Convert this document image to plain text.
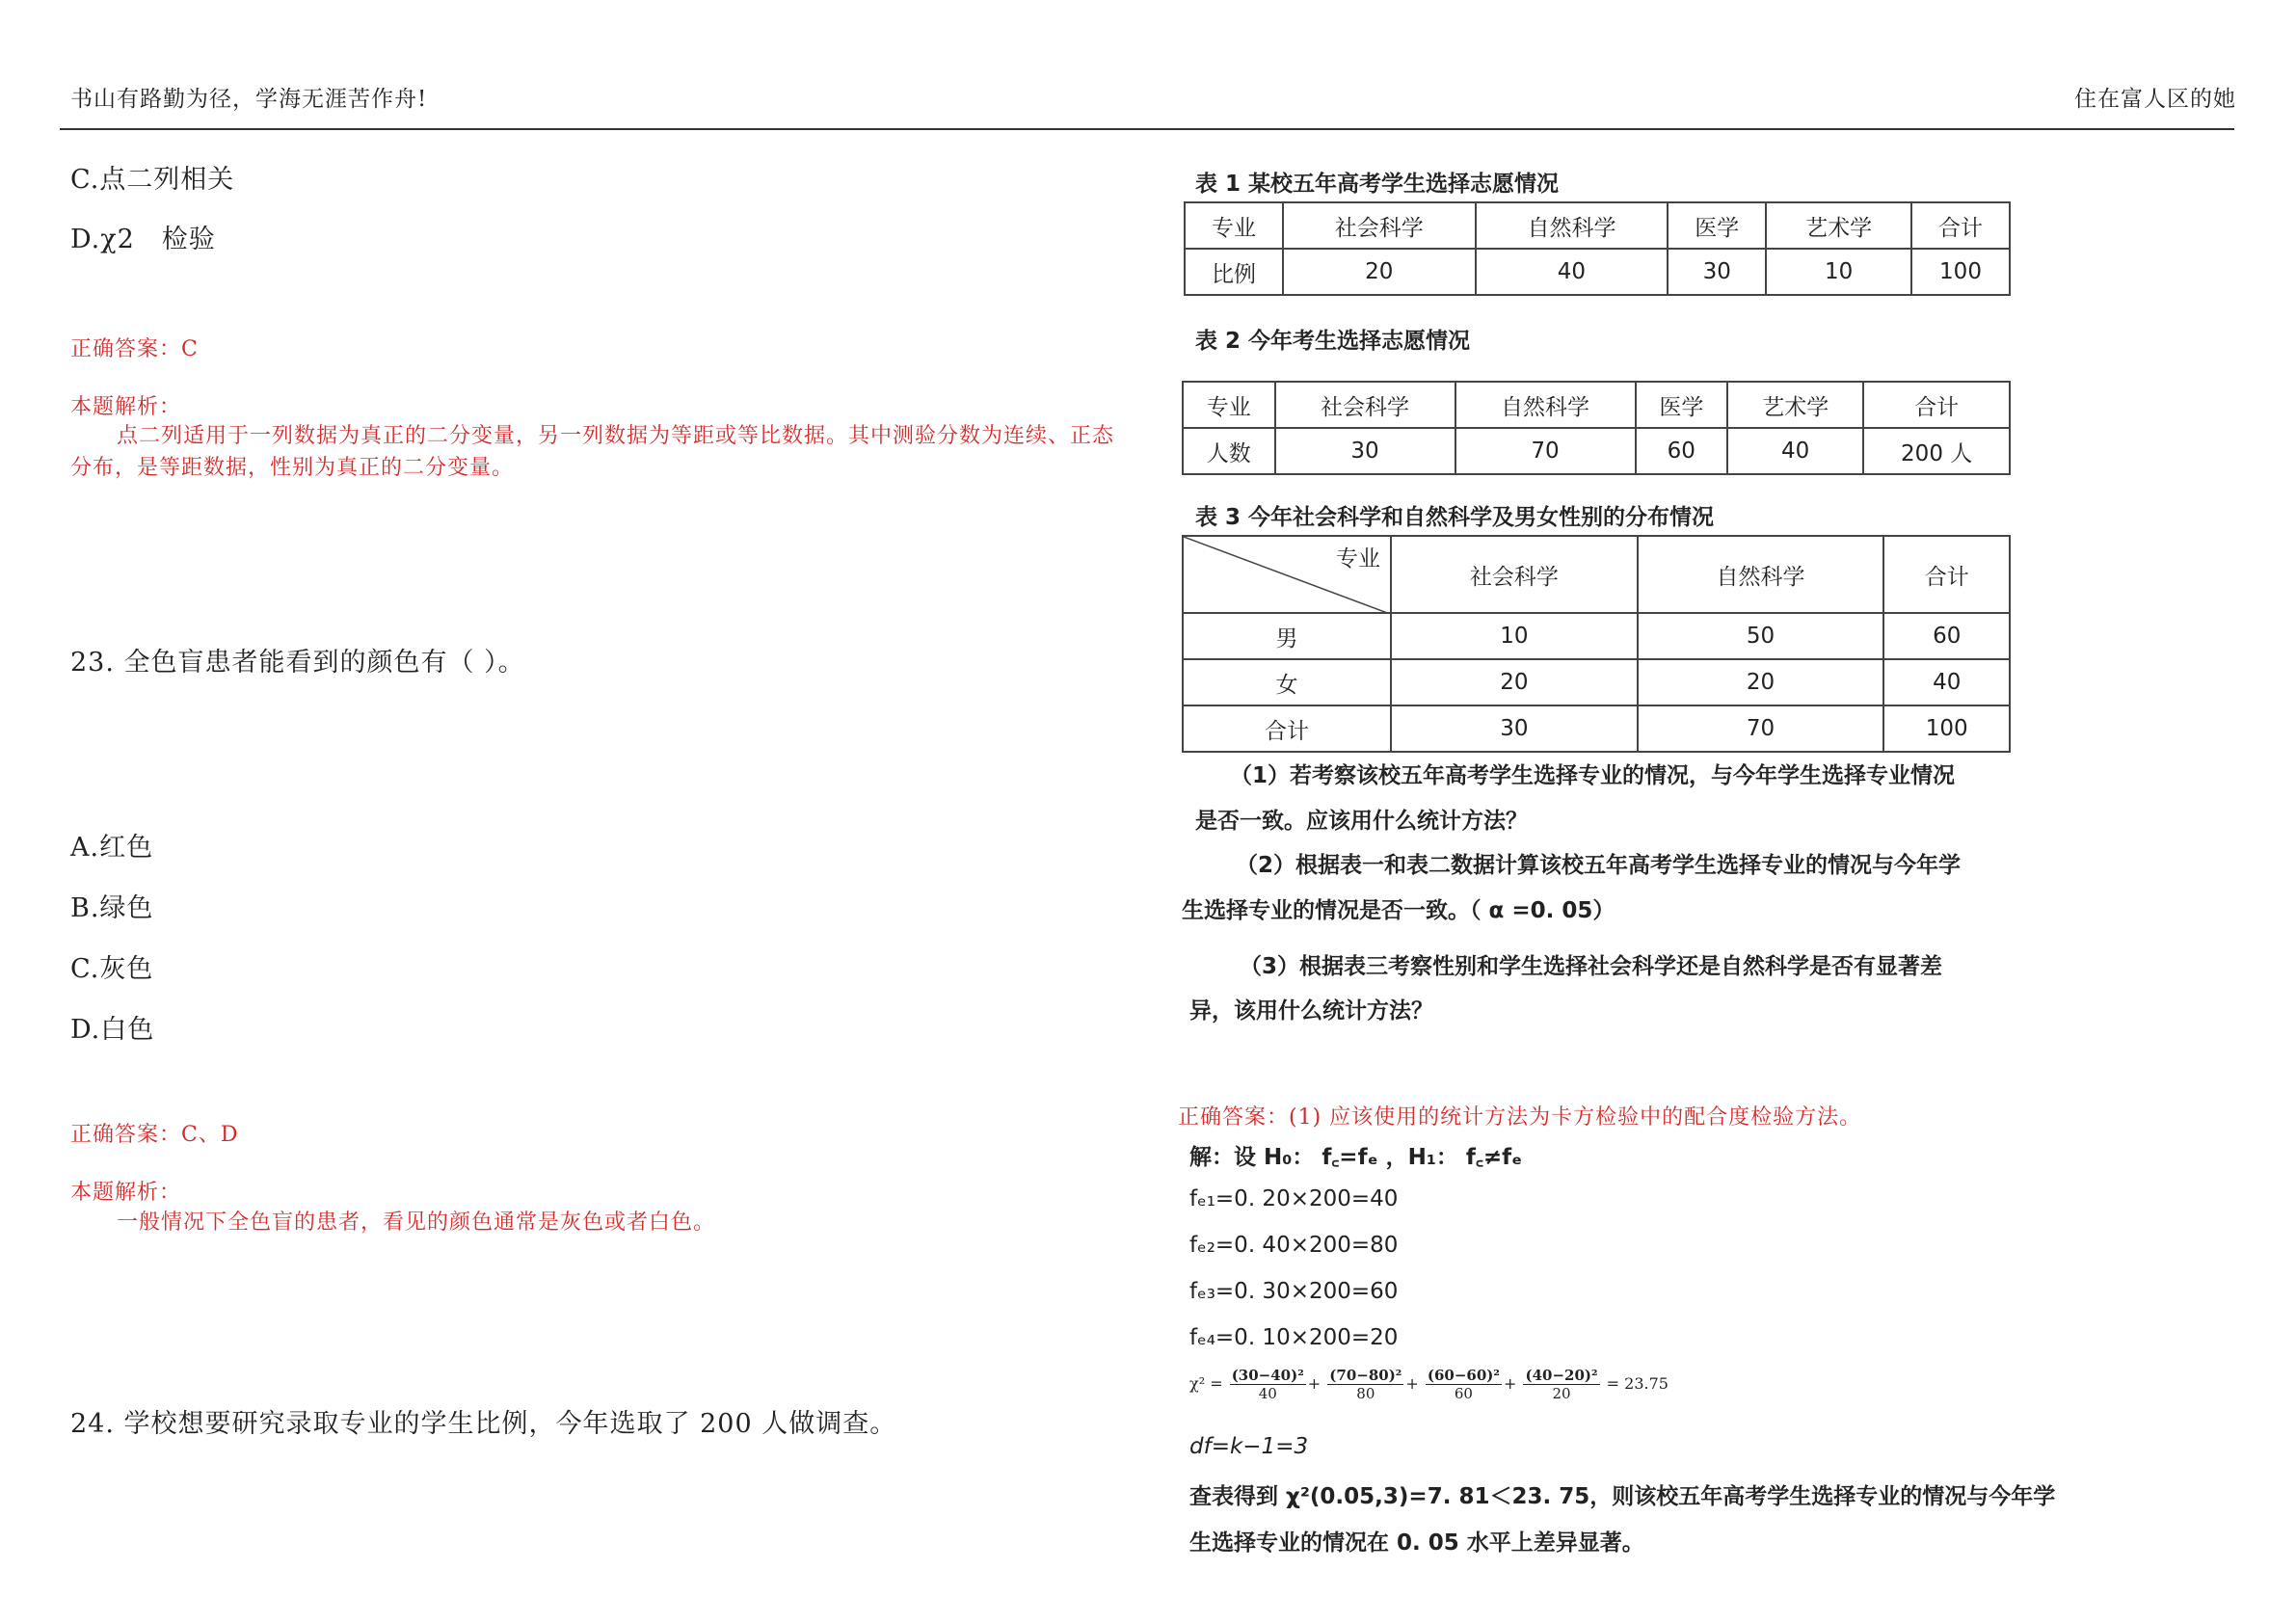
书山有路勤为径，学海无涯苦作舟!	住在富人区的她
C.点二列相关
D.χ2　检验
正确答案：C
本题解析：
点二列适用于一列数据为真正的二分变量，另一列数据为等距或等比数据。其中测验分数为连续、正态分布，是等距数据，性别为真正的二分变量。
23. 全色盲患者能看到的颜色有（ ）。
A.红色
B.绿色
C.灰色
D.白色
正确答案：C、D
本题解析：
一般情况下全色盲的患者，看见的颜色通常是灰色或者白色。
24. 学校想要研究录取专业的学生比例，今年选取了 200 人做调查。
表 1 某校五年高考学生选择志愿情况
专业	社会科学	自然科学	医学	艺术学	合计
比例	20	40	30	10	100
表 2 今年考生选择志愿情况
专业	社会科学	自然科学	医学	艺术学	合计
人数	30	70	60	40	200 人
表 3 今年社会科学和自然科学及男女性别的分布情况
专业	社会科学	自然科学	合计
男	10	50	60
女	20	20	40
合计	30	70	100
（1）若考察该校五年高考学生选择专业的情况，与今年学生选择专业情况
是否一致。应该用什么统计方法？
（2）根据表一和表二数据计算该校五年高考学生选择专业的情况与今年学
生选择专业的情况是否一致。（ α =0. 05）
（3）根据表三考察性别和学生选择社会科学还是自然科学是否有显著差
异，该用什么统计方法？
正确答案：(1) 应该使用的统计方法为卡方检验中的配合度检验方法。
解：设 H₀： f꜀=fₑ ，H₁： f꜀≠fₑ
fₑ₁=0. 20×200=40
fₑ₂=0. 40×200=80
fₑ₃=0. 30×200=60
fₑ₄=0. 10×200=20
$\chi^2 = \frac{\text{(30−40)²}}{40} + \frac{\text{(70−80)²}}{80} + \frac{\text{(60−60)²}}{60} + \frac{\text{(40−20)²}}{20} = 23.75$
df=k−1=3
查表得到 χ²(0.05,3)=7. 81＜23. 75，则该校五年高考学生选择专业的情况与今年学
生选择专业的情况在 0. 05 水平上差异显著。
